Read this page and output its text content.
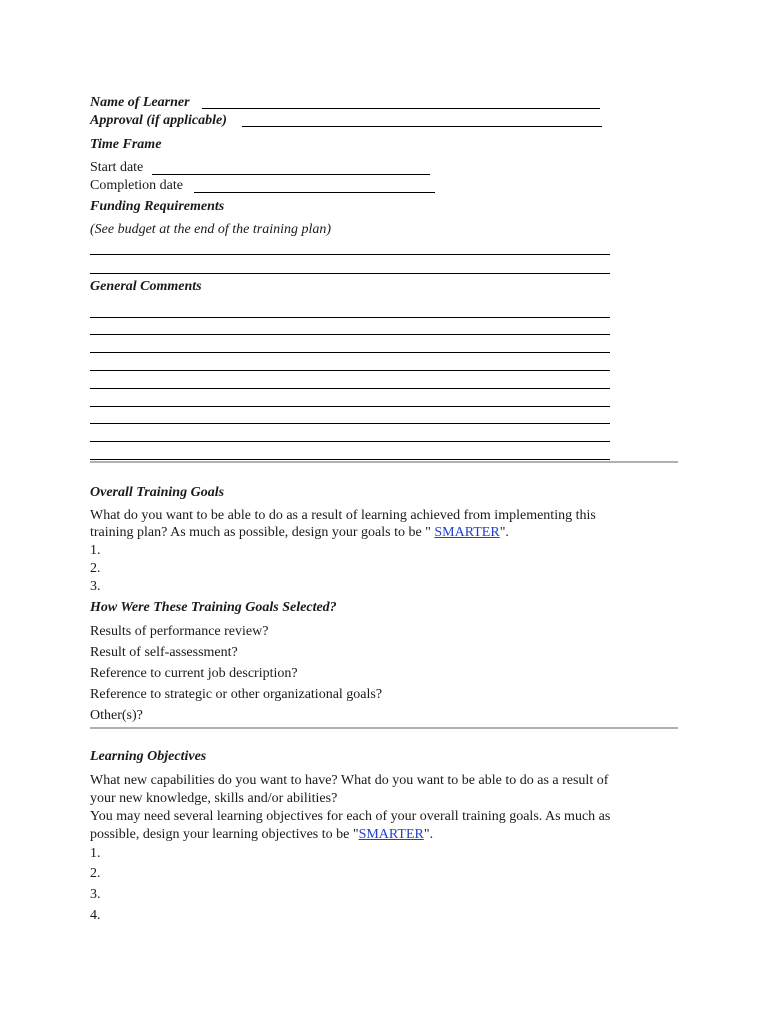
Name of Learner
Approval (if applicable)
Time Frame
Start date
Completion date
Funding Requirements
(See budget at the end of the training plan)
General Comments
Overall Training Goals
What do you want to be able to do as a result of learning achieved from implementing this
training plan? As much as possible, design your goals to be " SMARTER".
1.
2.
3.
How Were These Training Goals Selected?
Results of performance review?
Result of self-assessment?
Reference to current job description?
Reference to strategic or other organizational goals?
Other(s)?
Learning Objectives
What new capabilities do you want to have? What do you want to be able to do as a result of
your new knowledge, skills and/or abilities?
You may need several learning objectives for each of your overall training goals. As much as
possible, design your learning objectives to be "SMARTER".
1.
2.
3.
4.
